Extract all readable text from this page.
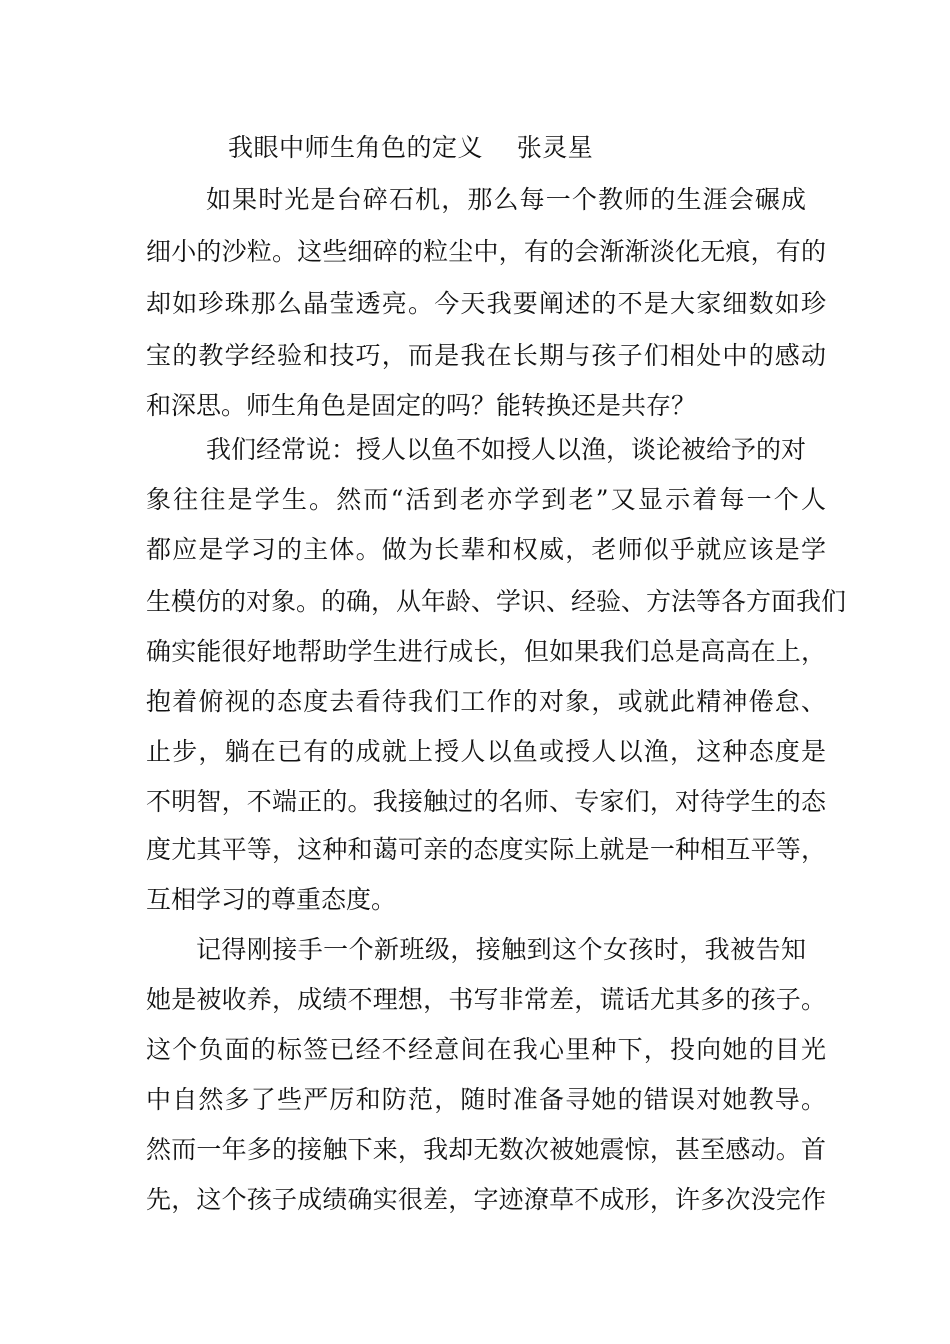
我眼中师生角色的定义    张灵星
如果时光是台碎石机，那么每一个教师的生涯会碾成
细小的沙粒。这些细碎的粒尘中，有的会渐渐淡化无痕，有的
却如珍珠那么晶莹透亮。今天我要阐述的不是大家细数如珍
宝的教学经验和技巧，而是我在长期与孩子们相处中的感动
和深思。师生角色是固定的吗？能转换还是共存？
我们经常说：授人以鱼不如授人以渔，谈论被给予的对
象往往是学生。然而“活到老亦学到老”又显示着每一个人
都应是学习的主体。做为长辈和权威，老师似乎就应该是学
生模仿的对象。的确，从年龄、学识、经验、方法等各方面我们
确实能很好地帮助学生进行成长，但如果我们总是高高在上，
抱着俯视的态度去看待我们工作的对象，或就此精神倦怠、
止步，躺在已有的成就上授人以鱼或授人以渔，这种态度是
不明智，不端正的。我接触过的名师、专家们，对待学生的态
度尤其平等，这种和蔼可亲的态度实际上就是一种相互平等，
互相学习的尊重态度。
记得刚接手一个新班级，接触到这个女孩时，我被告知
她是被收养，成绩不理想，书写非常差，谎话尤其多的孩子。
这个负面的标签已经不经意间在我心里种下，投向她的目光
中自然多了些严厉和防范，随时准备寻她的错误对她教导。
然而一年多的接触下来，我却无数次被她震惊，甚至感动。首
先，这个孩子成绩确实很差，字迹潦草不成形，许多次没完作
